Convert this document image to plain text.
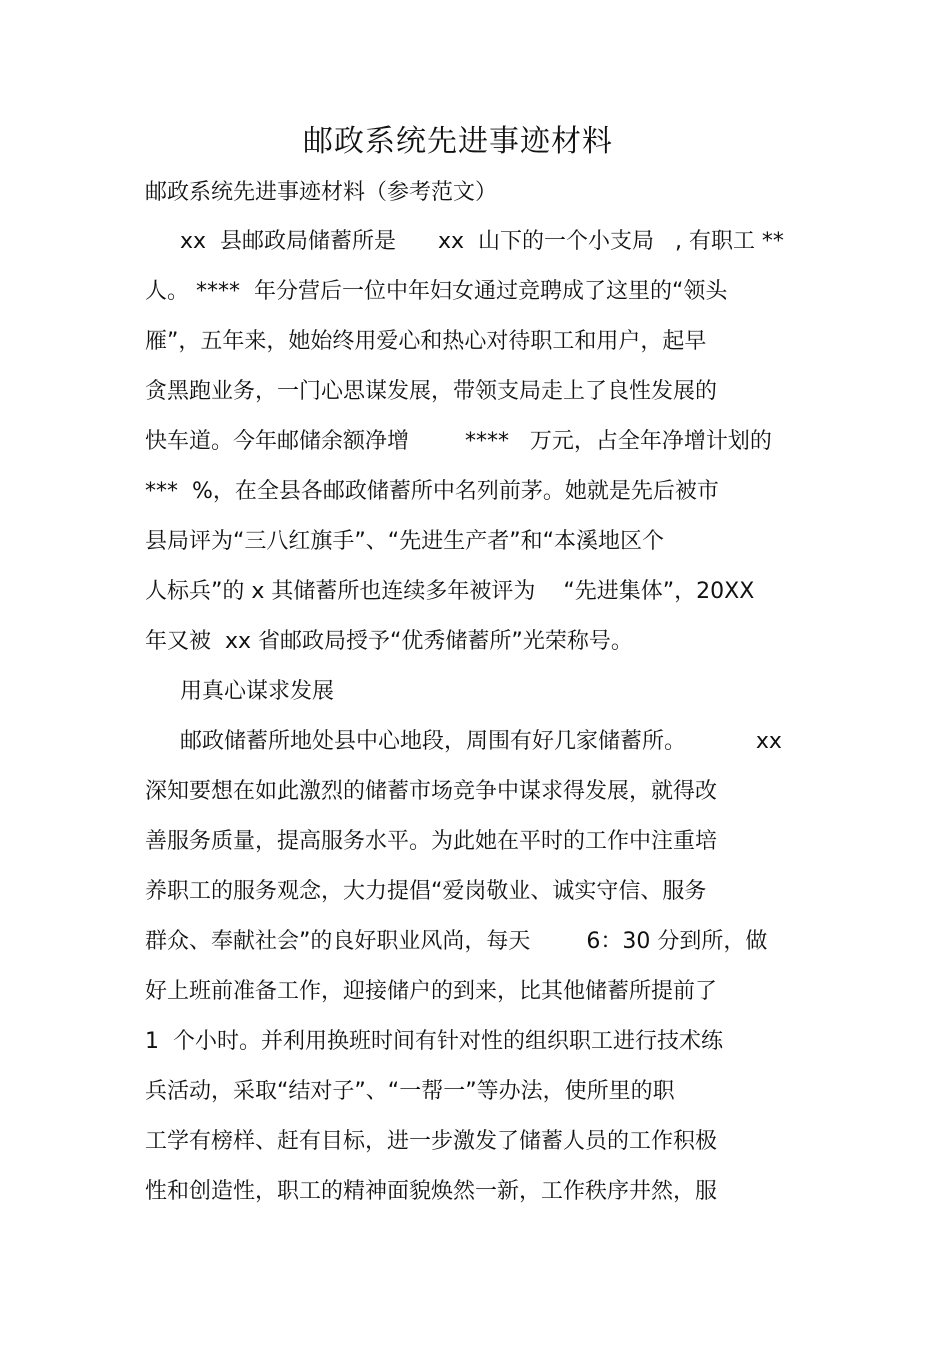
邮政系统先进事迹材料

邮政系统先进事迹材料（参考范文）

xx  县邮政局储蓄所是      xx  山下的一个小支局   , 有职工 **

人。 ****  年分营后一位中年妇女通过竞聘成了这里的“领头

雁”，五年来，她始终用爱心和热心对待职工和用户，起早

贪黑跑业务，一门心思谋发展，带领支局走上了良性发展的

快车道。今年邮储余额净增        ****   万元，占全年净增计划的

***  %，在全县各邮政储蓄所中名列前茅。她就是先后被市

县局评为“三八红旗手”、“先进生产者”和“本溪地区个

人标兵”的 x 其储蓄所也连续多年被评为    “先进集体”，20XX

年又被  xx 省邮政局授予“优秀储蓄所”光荣称号。

用真心谋求发展

邮政储蓄所地处县中心地段，周围有好几家储蓄所。          xx

深知要想在如此激烈的储蓄市场竞争中谋求得发展，就得改

善服务质量，提高服务水平。为此她在平时的工作中注重培

养职工的服务观念，大力提倡“爱岗敬业、诚实守信、服务

群众、奉献社会”的良好职业风尚，每天        6：30 分到所，做

好上班前准备工作，迎接储户的到来，比其他储蓄所提前了

1  个小时。并利用换班时间有针对性的组织职工进行技术练

兵活动，采取“结对子”、“一帮一”等办法，使所里的职

工学有榜样、赶有目标，进一步激发了储蓄人员的工作积极

性和创造性，职工的精神面貌焕然一新，工作秩序井然，服
